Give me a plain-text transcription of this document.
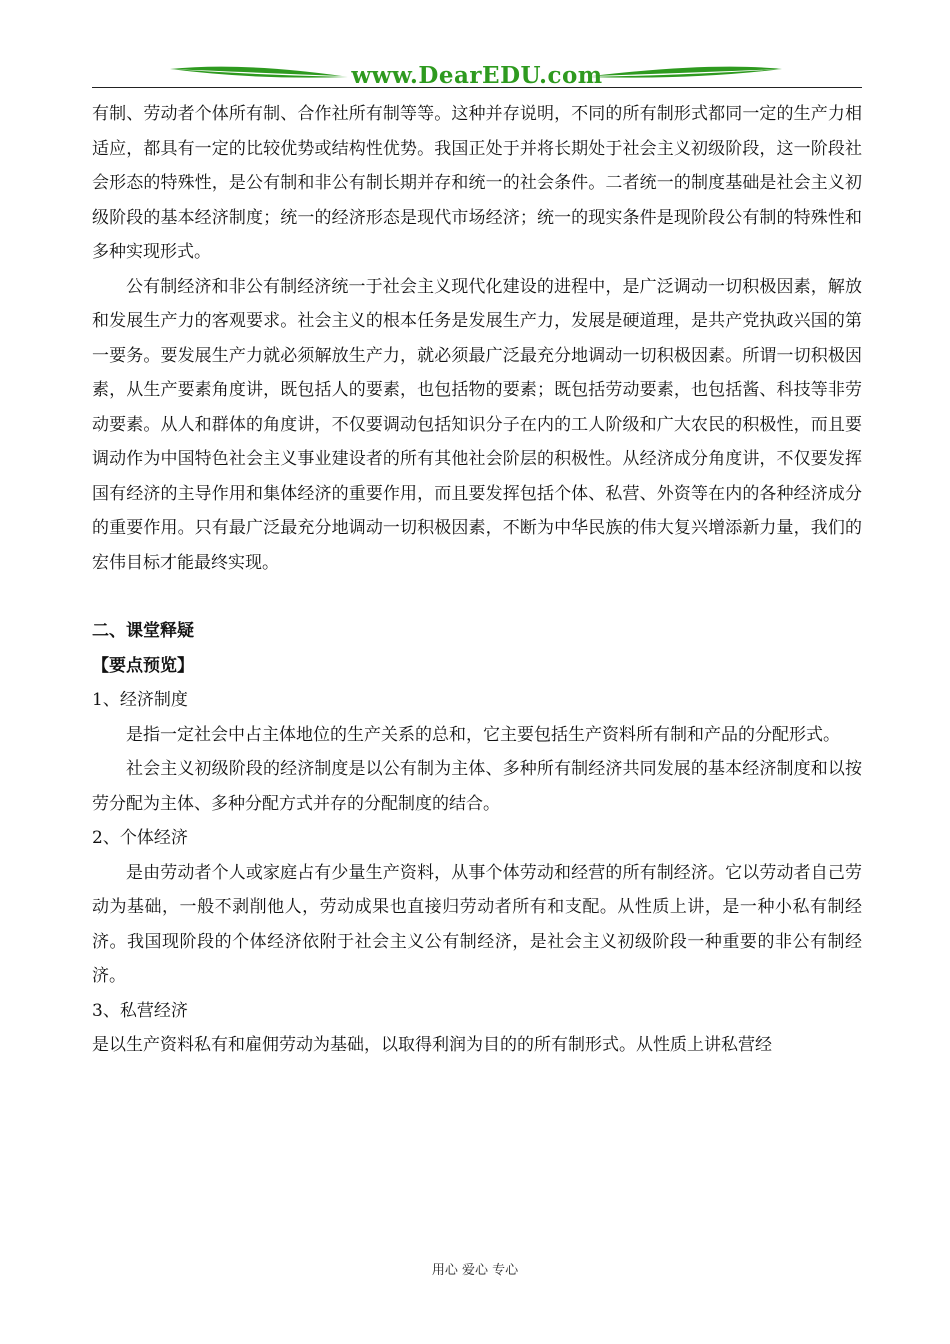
www.DearEDU.com

有制、劳动者个体所有制、合作社所有制等等。这种并存说明，不同的所有制形式都同一定的生产力相适应，都具有一定的比较优势或结构性优势。我国正处于并将长期处于社会主义初级阶段，这一阶段社会形态的特殊性，是公有制和非公有制长期并存和统一的社会条件。二者统一的制度基础是社会主义初级阶段的基本经济制度；统一的经济形态是现代市场经济；统一的现实条件是现阶段公有制的特殊性和多种实现形式。

公有制经济和非公有制经济统一于社会主义现代化建设的进程中，是广泛调动一切积极因素，解放和发展生产力的客观要求。社会主义的根本任务是发展生产力，发展是硬道理，是共产党执政兴国的第一要务。要发展生产力就必须解放生产力，就必须最广泛最充分地调动一切积极因素。所谓一切积极因素，从生产要素角度讲，既包括人的要素，也包括物的要素；既包括劳动要素，也包括酱、科技等非劳动要素。从人和群体的角度讲，不仅要调动包括知识分子在内的工人阶级和广大农民的积极性，而且要调动作为中国特色社会主义事业建设者的所有其他社会阶层的积极性。从经济成分角度讲，不仅要发挥国有经济的主导作用和集体经济的重要作用，而且要发挥包括个体、私营、外资等在内的各种经济成分的重要作用。只有最广泛最充分地调动一切积极因素，不断为中华民族的伟大复兴增添新力量，我们的宏伟目标才能最终实现。

二、课堂释疑

【要点预览】

1、经济制度

是指一定社会中占主体地位的生产关系的总和，它主要包括生产资料所有制和产品的分配形式。

社会主义初级阶段的经济制度是以公有制为主体、多种所有制经济共同发展的基本经济制度和以按劳分配为主体、多种分配方式并存的分配制度的结合。

2、个体经济

是由劳动者个人或家庭占有少量生产资料，从事个体劳动和经营的所有制经济。它以劳动者自己劳动为基础，一般不剥削他人，劳动成果也直接归劳动者所有和支配。从性质上讲，是一种小私有制经济。我国现阶段的个体经济依附于社会主义公有制经济，是社会主义初级阶段一种重要的非公有制经济。

3、私营经济

是以生产资料私有和雇佣劳动为基础，以取得利润为目的的所有制形式。从性质上讲私营经

用心 爱心 专心
